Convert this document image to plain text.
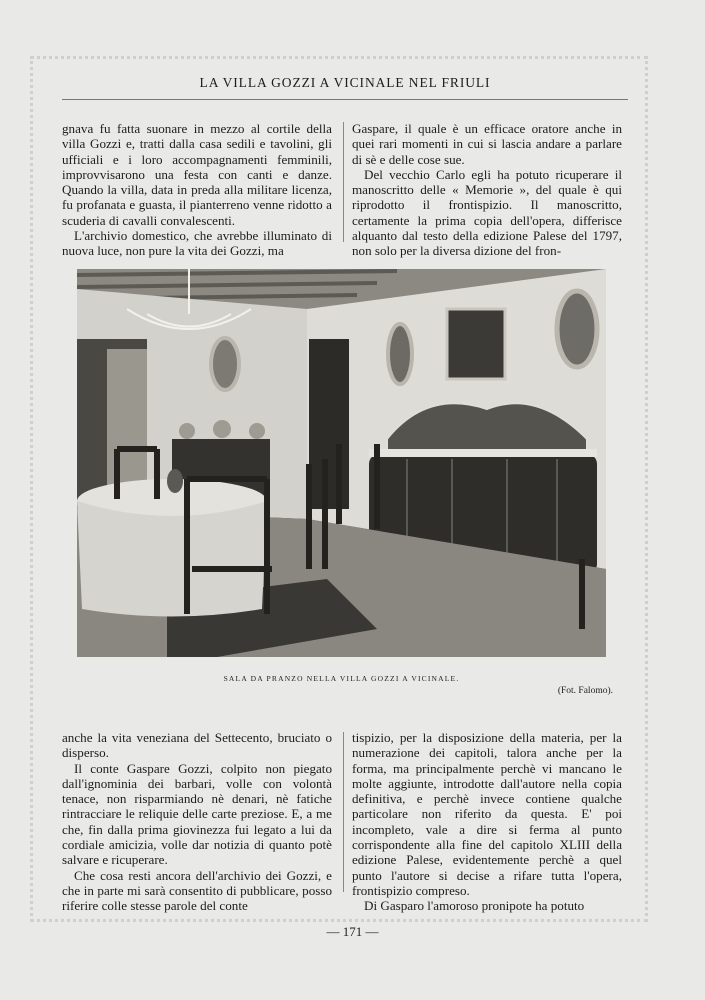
LA VILLA GOZZI A VICINALE NEL FRIULI

gnava fu fatta suonare in mezzo al cortile della villa Gozzi e, tratti dalla casa sedili e tavolini, gli ufficiali e i loro accompagnamenti femminili, improvvisarono una festa con canti e danze. Quando la villa, data in preda alla militare licenza, fu profanata e guasta, il pianterreno venne ridotto a scuderia di cavalli convalescenti.

L'archivio domestico, che avrebbe illuminato di nuova luce, non pure la vita dei Gozzi, ma

Gaspare, il quale è un efficace oratore anche in quei rari momenti in cui si lascia andare a parlare di sè e delle cose sue.

Del vecchio Carlo egli ha potuto ricuperare il manoscritto delle « Memorie », del quale è qui riprodotto il frontispizio. Il manoscritto, certamente la prima copia dell'opera, differisce alquanto dal testo della edizione Palese del 1797, non solo per la diversa dizione del fron-

SALA DA PRANZO NELLA VILLA GOZZI A VICINALE.
(Fot. Falomo).

anche la vita veneziana del Settecento, bruciato o disperso.

Il conte Gaspare Gozzi, colpito non piegato dall'ignominia dei barbari, volle con volontà tenace, non risparmiando nè denari, nè fatiche rintracciare le reliquie delle carte preziose. E, a me che, fin dalla prima giovinezza fui legato a lui da cordiale amicizia, volle dar notizia di quanto potè salvare e ricuperare.

Che cosa resti ancora dell'archivio dei Gozzi, e che in parte mi sarà consentito di pubblicare, posso riferire colle stesse parole del conte

tispizio, per la disposizione della materia, per la numerazione dei capitoli, talora anche per la forma, ma principalmente perchè vi mancano le molte aggiunte, introdotte dall'autore nella copia definitiva, e perchè invece contiene qualche particolare non riferito da questa. E' poi incompleto, vale a dire si ferma al punto corrispondente alla fine del capitolo XLIII della edizione Palese, evidentemente perchè a quel punto l'autore si decise a rifare tutta l'opera, frontispizio compreso.

Di Gasparo l'amoroso pronipote ha potuto

— 171 —
